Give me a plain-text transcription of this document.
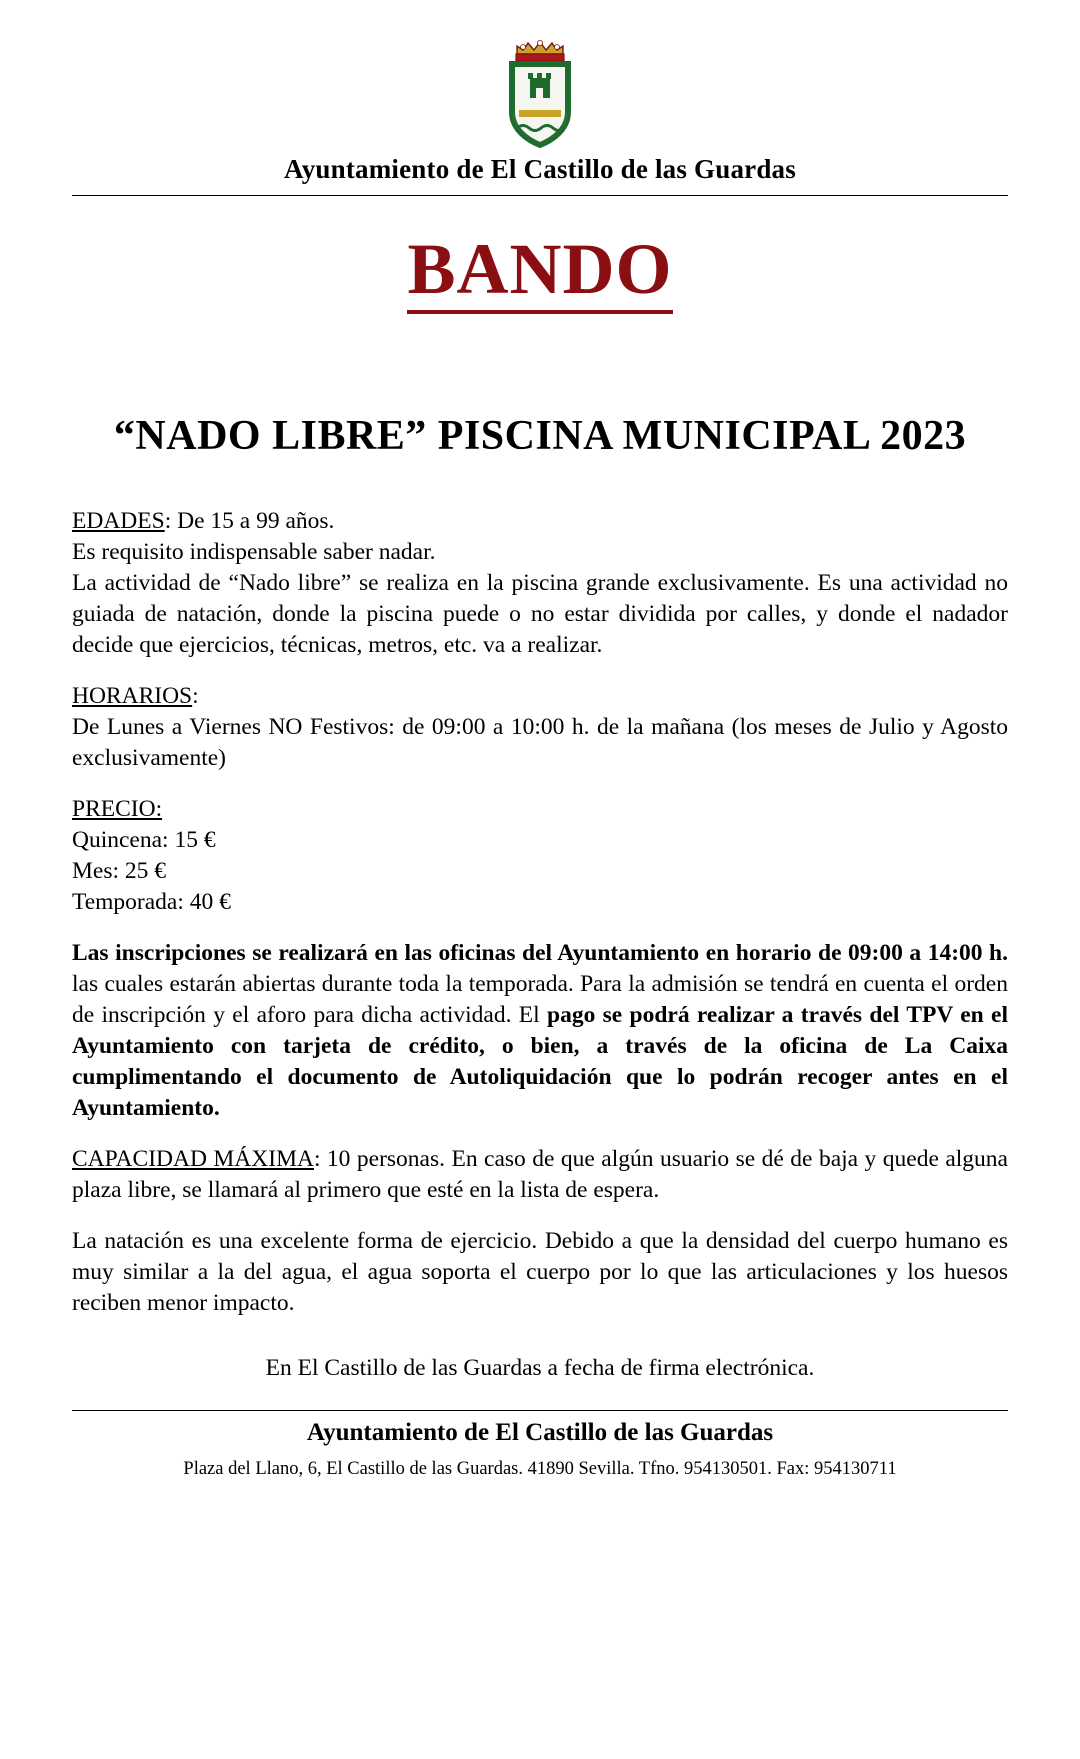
Ayuntamiento de El Castillo de las Guardas
BANDO
“NADO LIBRE” PISCINA MUNICIPAL 2023

EDADES: De 15 a 99 años.
Es requisito indispensable saber nadar.
La actividad de “Nado libre” se realiza en la piscina grande exclusivamente. Es una actividad no guiada de natación, donde la piscina puede o no estar dividida por calles, y donde el nadador decide que ejercicios, técnicas, metros, etc. va a realizar.

HORARIOS:
De Lunes a Viernes NO Festivos: de 09:00 a 10:00 h. de la mañana (los meses de Julio y Agosto exclusivamente)

PRECIO:
Quincena: 15 €
Mes: 25 €
Temporada: 40 €

Las inscripciones se realizará en las oficinas del Ayuntamiento en horario de 09:00 a 14:00 h. las cuales estarán abiertas durante toda la temporada. Para la admisión se tendrá en cuenta el orden de inscripción y el aforo para dicha actividad. El pago se podrá realizar a través del TPV en el Ayuntamiento con tarjeta de crédito, o bien, a través de la oficina de La Caixa cumplimentando el documento de Autoliquidación que lo podrán recoger antes en el Ayuntamiento.

CAPACIDAD MÁXIMA: 10 personas. En caso de que algún usuario se dé de baja y quede alguna plaza libre, se llamará al primero que esté en la lista de espera.

La natación es una excelente forma de ejercicio. Debido a que la densidad del cuerpo humano es muy similar a la del agua, el agua soporta el cuerpo por lo que las articulaciones y los huesos reciben menor impacto.

En El Castillo de las Guardas a fecha de firma electrónica.
Ayuntamiento de El Castillo de las Guardas
Plaza del Llano, 6, El Castillo de las Guardas. 41890 Sevilla. Tfno. 954130501. Fax: 954130711
